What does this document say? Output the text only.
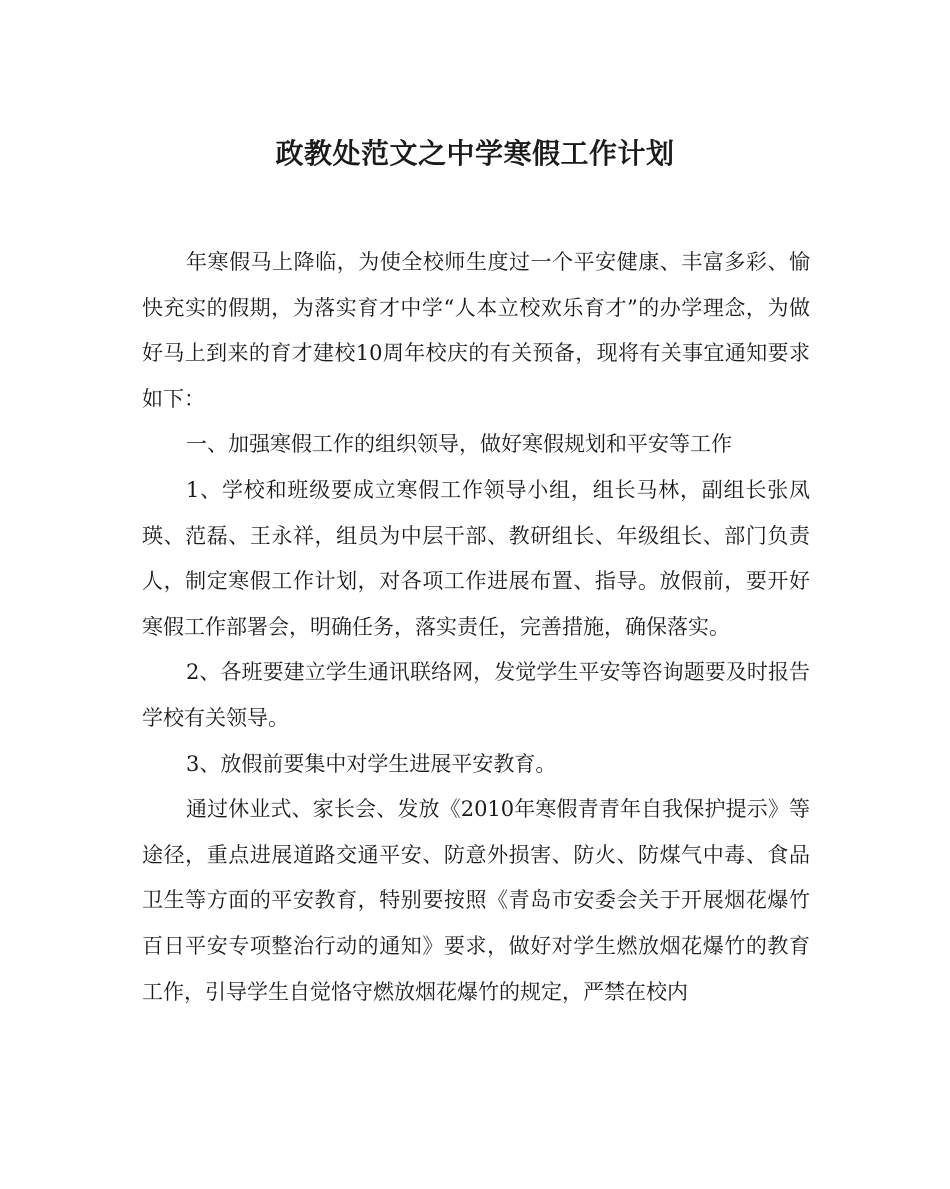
政教处范文之中学寒假工作计划

年寒假马上降临，为使全校师生度过一个平安健康、丰富多彩、愉快充实的假期，为落实育才中学“人本立校欢乐育才”的办学理念，为做好马上到来的育才建校10周年校庆的有关预备，现将有关事宜通知要求如下：

一、加强寒假工作的组织领导，做好寒假规划和平安等工作

1、学校和班级要成立寒假工作领导小组，组长马林，副组长张凤瑛、范磊、王永祥，组员为中层干部、教研组长、年级组长、部门负责人，制定寒假工作计划，对各项工作进展布置、指导。放假前，要开好寒假工作部署会，明确任务，落实责任，完善措施，确保落实。

2、各班要建立学生通讯联络网，发觉学生平安等咨询题要及时报告学校有关领导。

3、放假前要集中对学生进展平安教育。

通过休业式、家长会、发放《2010年寒假青青年自我保护提示》等途径，重点进展道路交通平安、防意外损害、防火、防煤气中毒、食品卫生等方面的平安教育，特别要按照《青岛市安委会关于开展烟花爆竹百日平安专项整治行动的通知》要求，做好对学生燃放烟花爆竹的教育工作，引导学生自觉恪守燃放烟花爆竹的规定，严禁在校内
